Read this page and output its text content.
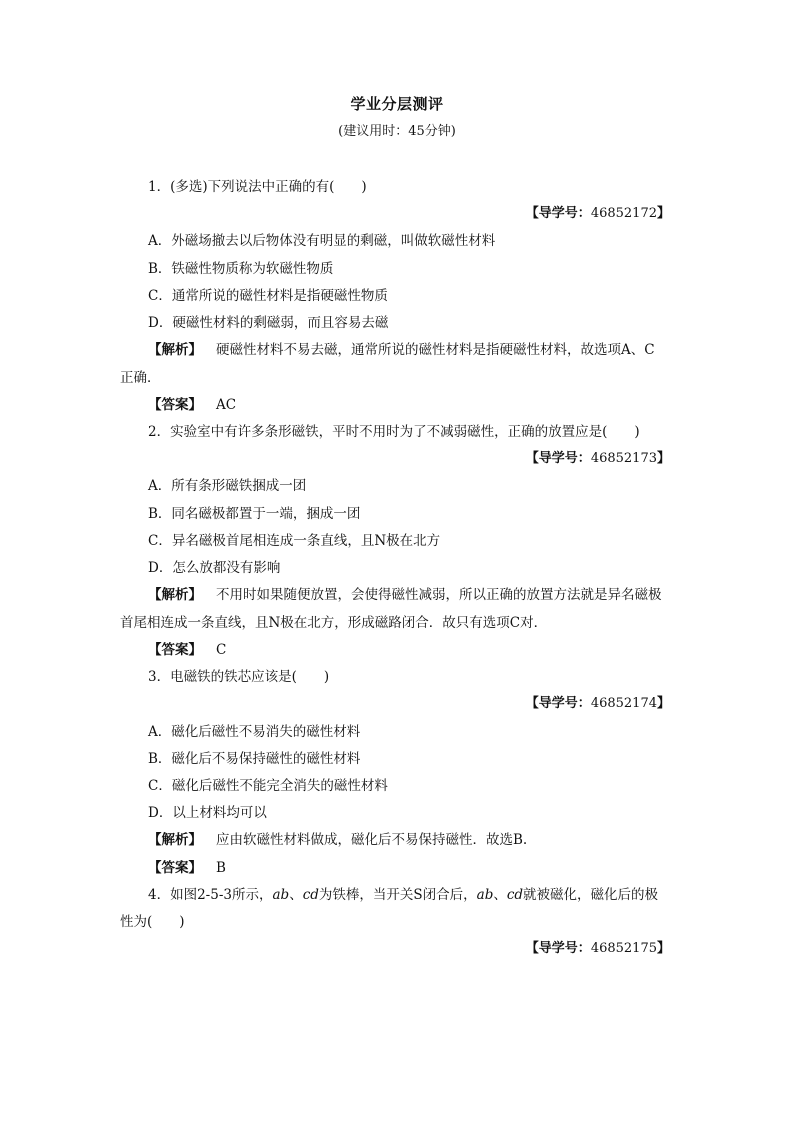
学业分层测评
(建议用时：45分钟)
1．(多选)下列说法中正确的有(　　)
【导学号：46852172】
A．外磁场撤去以后物体没有明显的剩磁，叫做软磁性材料
B．铁磁性物质称为软磁性物质
C．通常所说的磁性材料是指硬磁性物质
D．硬磁性材料的剩磁弱，而且容易去磁
【解析】 硬磁性材料不易去磁，通常所说的磁性材料是指硬磁性材料，故选项A、C
正确．
【答案】 AC
2．实验室中有许多条形磁铁，平时不用时为了不减弱磁性，正确的放置应是(　　)
【导学号：46852173】
A．所有条形磁铁捆成一团
B．同名磁极都置于一端，捆成一团
C．异名磁极首尾相连成一条直线，且N极在北方
D．怎么放都没有影响
【解析】 不用时如果随便放置，会使得磁性减弱，所以正确的放置方法就是异名磁极
首尾相连成一条直线，且N极在北方，形成磁路闭合．故只有选项C对．
【答案】 C
3．电磁铁的铁芯应该是(　　)
【导学号：46852174】
A．磁化后磁性不易消失的磁性材料
B．磁化后不易保持磁性的磁性材料
C．磁化后磁性不能完全消失的磁性材料
D．以上材料均可以
【解析】 应由软磁性材料做成，磁化后不易保持磁性．故选B.
【答案】 B
4．如图2-5-3所示，ab、cd为铁棒，当开关S闭合后，ab、cd就被磁化，磁化后的极
性为(　　)
【导学号：46852175】
